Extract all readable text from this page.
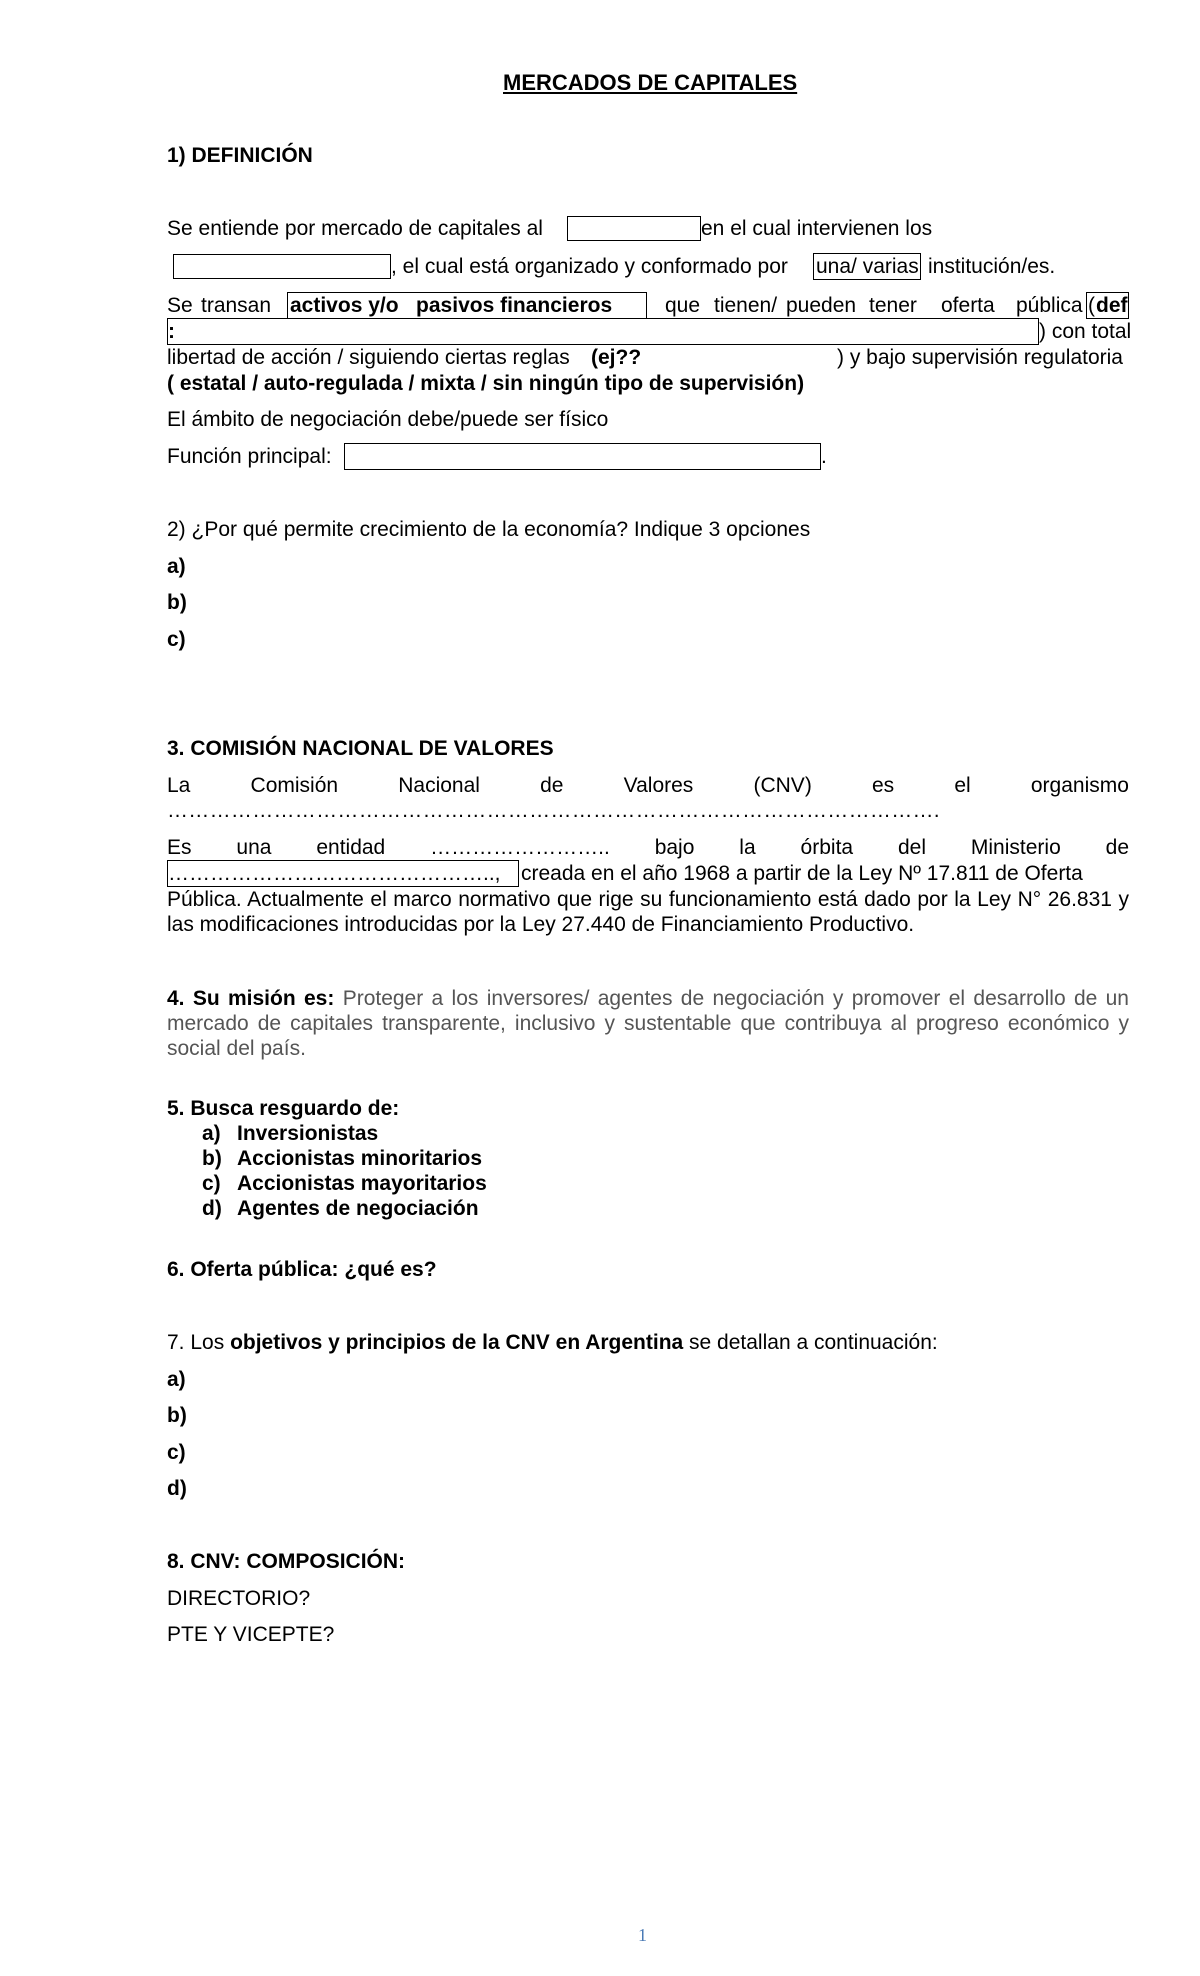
MERCADOS DE CAPITALES
1) DEFINICIÓN
Se entiende por mercado de capitales al	en el cual intervienen los
, el cual está organizado y conformado por una/ varias institución/es.
Se transan activos y/o   pasivos financieros	que tienen/ pueden tener oferta pública ( def
:	) con total
libertad de acción / siguiendo ciertas reglas (ej??	) y bajo supervisión regulatoria
( estatal / auto-regulada / mixta / sin ningún tipo de supervisión)
El ámbito de negociación debe/puede ser físico
Función principal:	.
2) ¿Por qué permite crecimiento de la economía? Indique 3 opciones
a)
b)
c)
3. COMISIÓN NACIONAL DE VALORES
La	Comisión	Nacional	de	Valores	(CNV)	es	el	organismo
……………………………………………………………………………………………….
Es una entidad …………………….. bajo la órbita del Ministerio de
……………………………………….., creada en el año 1968 a partir de la Ley Nº 17.811 de Oferta
Pública. Actualmente el marco normativo que rige su funcionamiento está dado por la Ley N° 26.831 y las modificaciones introducidas por la Ley 27.440 de Financiamiento Productivo.
4. Su misión es: Proteger a los inversores/ agentes de negociación y promover el desarrollo de un mercado de capitales transparente, inclusivo y sustentable que contribuya al progreso económico y social del país.
5. Busca resguardo de:
a) Inversionistas
b) Accionistas minoritarios
c) Accionistas mayoritarios
d) Agentes de negociación
6. Oferta pública: ¿qué es?
7. Los objetivos y principios de la CNV en Argentina se detallan a continuación:
a)
b)
c)
d)
8. CNV: COMPOSICIÓN:
DIRECTORIO?
PTE Y VICEPTE?
1
